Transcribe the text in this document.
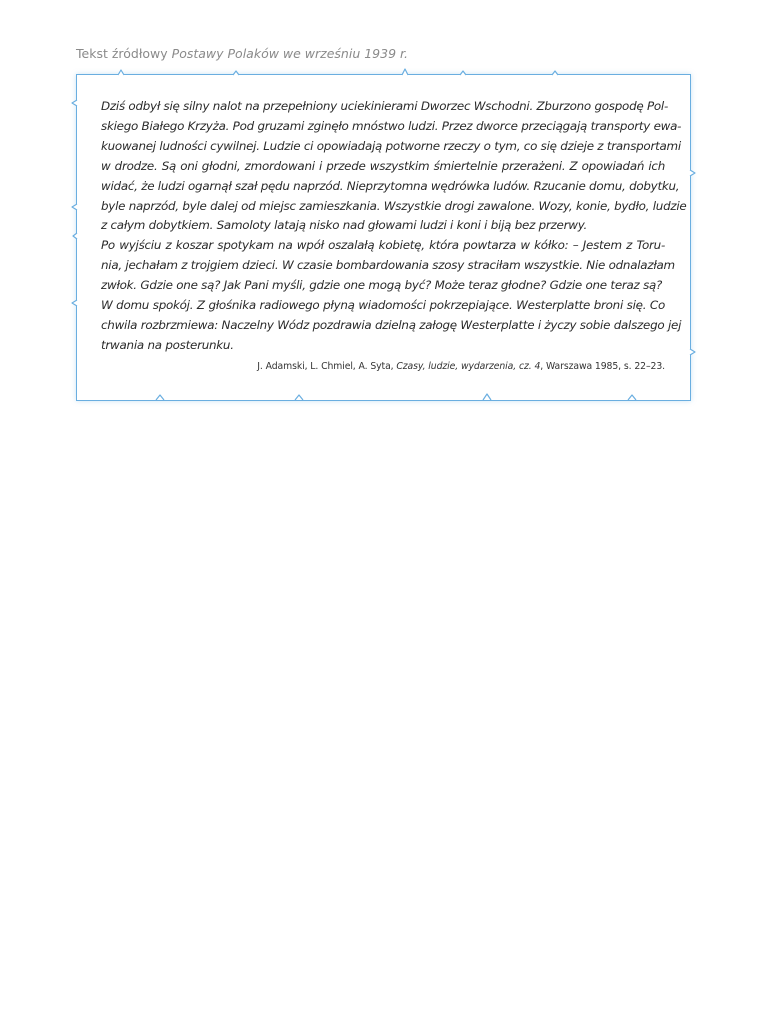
Tekst źródłowy Postawy Polaków we wrześniu 1939 r.
Dziś odbył się silny nalot na przepełniony uciekinierami Dworzec Wschodni. Zburzono gospodę Pol-
skiego Białego Krzyża. Pod gruzami zginęło mnóstwo ludzi. Przez dworce przeciągają transporty ewa-
kuowanej ludności cywilnej. Ludzie ci opowiadają potworne rzeczy o tym, co się dzieje z transportami
w drodze. Są oni głodni, zmordowani i przede wszystkim śmiertelnie przerażeni. Z opowiadań ich
widać, że ludzi ogarnął szał pędu naprzód. Nieprzytomna wędrówka ludów. Rzucanie domu, dobytku,
byle naprzód, byle dalej od miejsc zamieszkania. Wszystkie drogi zawalone. Wozy, konie, bydło, ludzie
z całym dobytkiem. Samoloty latają nisko nad głowami ludzi i koni i biją bez przerwy.
Po wyjściu z koszar spotykam na wpół oszalałą kobietę, która powtarza w kółko: – Jestem z Toru-
nia, jechałam z trojgiem dzieci. W czasie bombardowania szosy straciłam wszystkie. Nie odnalazłam
zwłok. Gdzie one są? Jak Pani myśli, gdzie one mogą być? Może teraz głodne? Gdzie one teraz są?
W domu spokój. Z głośnika radiowego płyną wiadomości pokrzepiające. Westerplatte broni się. Co
chwila rozbrzmiewa: Naczelny Wódz pozdrawia dzielną załogę Westerplatte i życzy sobie dalszego jej
trwania na posterunku.
J. Adamski, L. Chmiel, A. Syta, Czasy, ludzie, wydarzenia, cz. 4, Warszawa 1985, s. 22–23.
